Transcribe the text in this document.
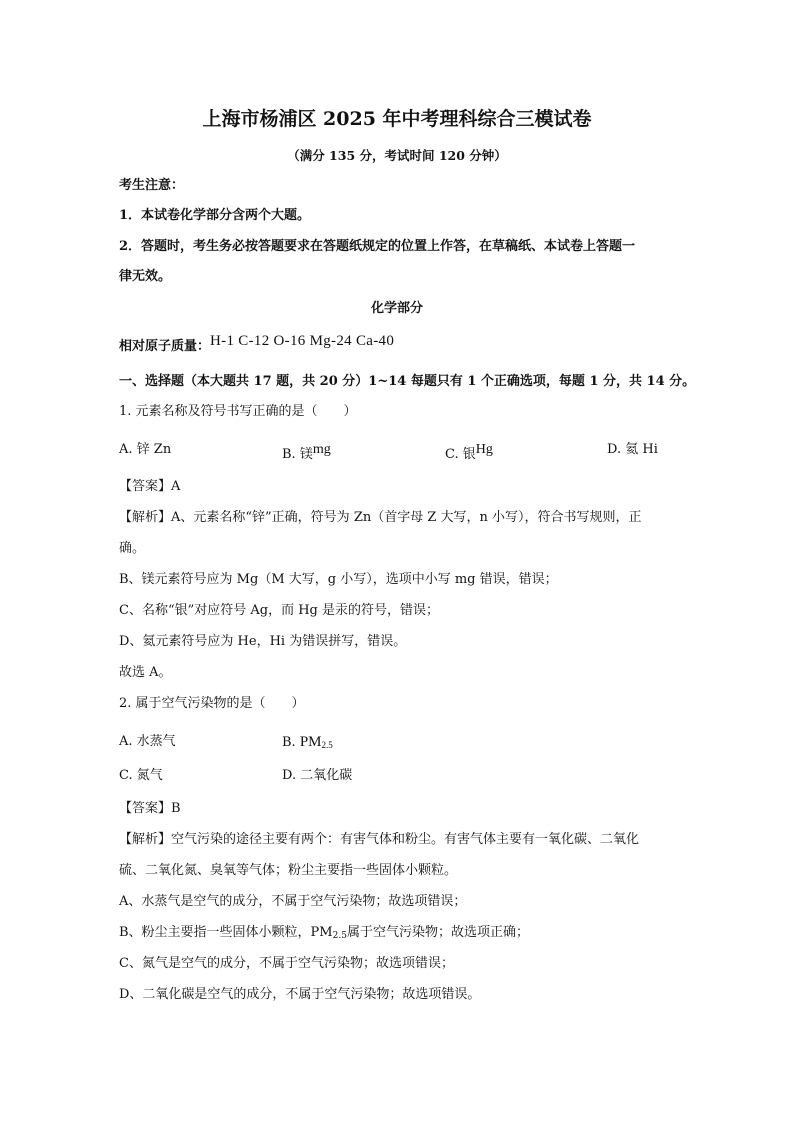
上海市杨浦区 2025 年中考理科综合三模试卷
（满分 135 分，考试时间 120 分钟）
考生注意：
1．本试卷化学部分含两个大题。
2．答题时，考生务必按答题要求在答题纸规定的位置上作答，在草稿纸、本试卷上答题一
律无效。
化学部分
相对原子质量：H-1 C-12 O-16 Mg-24 Ca-40
一、选择题（本大题共 17 题，共 20 分）1~14 每题只有 1 个正确选项，每题 1 分，共 14 分。
1. 元素名称及符号书写正确的是（　　）
A. 锌 Zn	B. 镁$^{mg}$	C. 银$^{Hg}$	D. 氦 Hi
【答案】A
【解析】A、元素名称“锌”正确，符号为 Zn（首字母 Z 大写，n 小写），符合书写规则，正
确。
B、镁元素符号应为 Mg（M 大写，g 小写），选项中小写 mg 错误，错误；
C、名称“银”对应符号 Ag，而 Hg 是汞的符号，错误；
D、氦元素符号应为 He，Hi 为错误拼写，错误。
故选 A。
2. 属于空气污染物的是（　　）
A. 水蒸气	B. $PM_{2.5}$
C. 氮气	D. 二氧化碳
【答案】B
【解析】空气污染的途径主要有两个：有害气体和粉尘。有害气体主要有一氧化碳、二氧化
硫、二氧化氮、臭氧等气体；粉尘主要指一些固体小颗粒。
A、水蒸气是空气的成分，不属于空气污染物；故选项错误；
B、粉尘主要指一些固体小颗粒，$PM_{2.5}$属于空气污染物；故选项正确；
C、氮气是空气的成分，不属于空气污染物；故选项错误；
D、二氧化碳是空气的成分，不属于空气污染物；故选项错误。
